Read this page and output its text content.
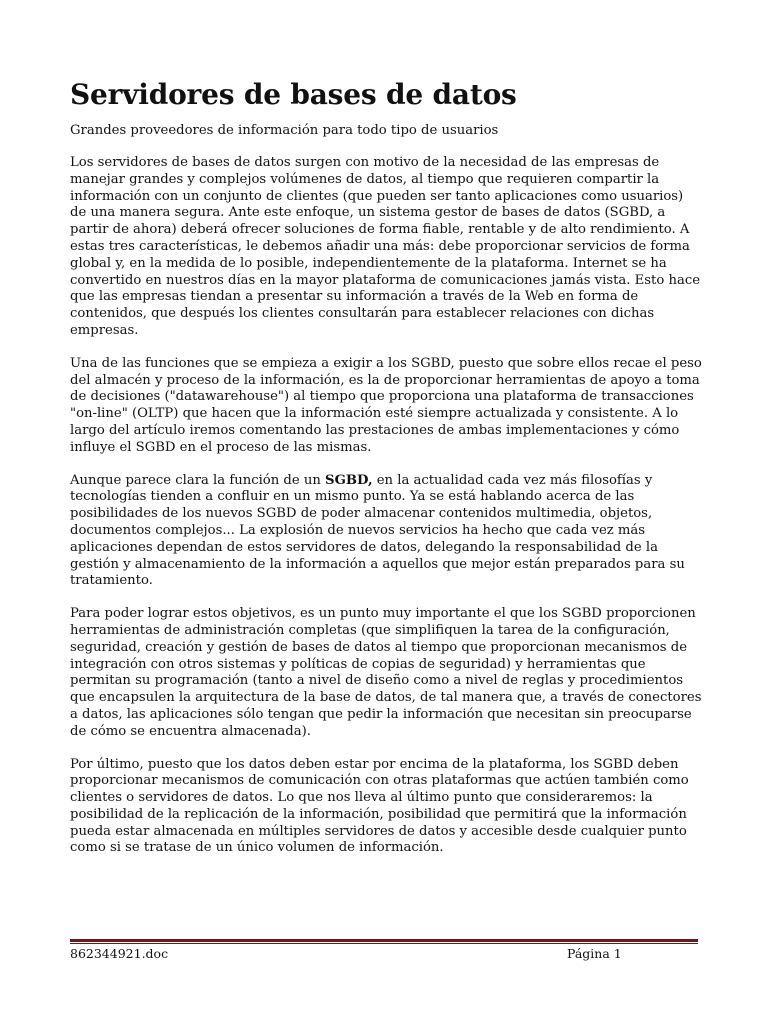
Servidores de bases de datos

Grandes proveedores de información para todo tipo de usuarios

Los servidores de bases de datos surgen con motivo de la necesidad de las empresas de manejar grandes y complejos volúmenes de datos, al tiempo que requieren compartir la información con un conjunto de clientes (que pueden ser tanto aplicaciones como usuarios) de una manera segura. Ante este enfoque, un sistema gestor de bases de datos (SGBD, a partir de ahora) deberá ofrecer soluciones de forma fiable, rentable y de alto rendimiento. A estas tres características, le debemos añadir una más: debe proporcionar servicios de forma global y, en la medida de lo posible, independientemente de la plataforma. Internet se ha convertido en nuestros días en la mayor plataforma de comunicaciones jamás vista. Esto hace que las empresas tiendan a presentar su información a través de la Web en forma de contenidos, que después los clientes consultarán para establecer relaciones con dichas empresas.

Una de las funciones que se empieza a exigir a los SGBD, puesto que sobre ellos recae el peso del almacén y proceso de la información, es la de proporcionar herramientas de apoyo a toma de decisiones ("datawarehouse") al tiempo que proporciona una plataforma de transacciones "on-line" (OLTP) que hacen que la información esté siempre actualizada y consistente. A lo largo del artículo iremos comentando las prestaciones de ambas implementaciones y cómo influye el SGBD en el proceso de las mismas.

Aunque parece clara la función de un SGBD, en la actualidad cada vez más filosofías y tecnologías tienden a confluir en un mismo punto. Ya se está hablando acerca de las posibilidades de los nuevos SGBD de poder almacenar contenidos multimedia, objetos, documentos complejos... La explosión de nuevos servicios ha hecho que cada vez más aplicaciones dependan de estos servidores de datos, delegando la responsabilidad de la gestión y almacenamiento de la información a aquellos que mejor están preparados para su tratamiento.

Para poder lograr estos objetivos, es un punto muy importante el que los SGBD proporcionen herramientas de administración completas (que simplifiquen la tarea de la configuración, seguridad, creación y gestión de bases de datos al tiempo que proporcionan mecanismos de integración con otros sistemas y políticas de copias de seguridad) y herramientas que permitan su programación (tanto a nivel de diseño como a nivel de reglas y procedimientos que encapsulen la arquitectura de la base de datos, de tal manera que, a través de conectores a datos, las aplicaciones sólo tengan que pedir la información que necesitan sin preocuparse de cómo se encuentra almacenada).

Por último, puesto que los datos deben estar por encima de la plataforma, los SGBD deben proporcionar mecanismos de comunicación con otras plataformas que actúen también como clientes o servidores de datos. Lo que nos lleva al último punto que consideraremos: la posibilidad de la replicación de la información, posibilidad que permitirá que la información pueda estar almacenada en múltiples servidores de datos y accesible desde cualquier punto como si se tratase de un único volumen de información.

862344921.doc	Página 1
